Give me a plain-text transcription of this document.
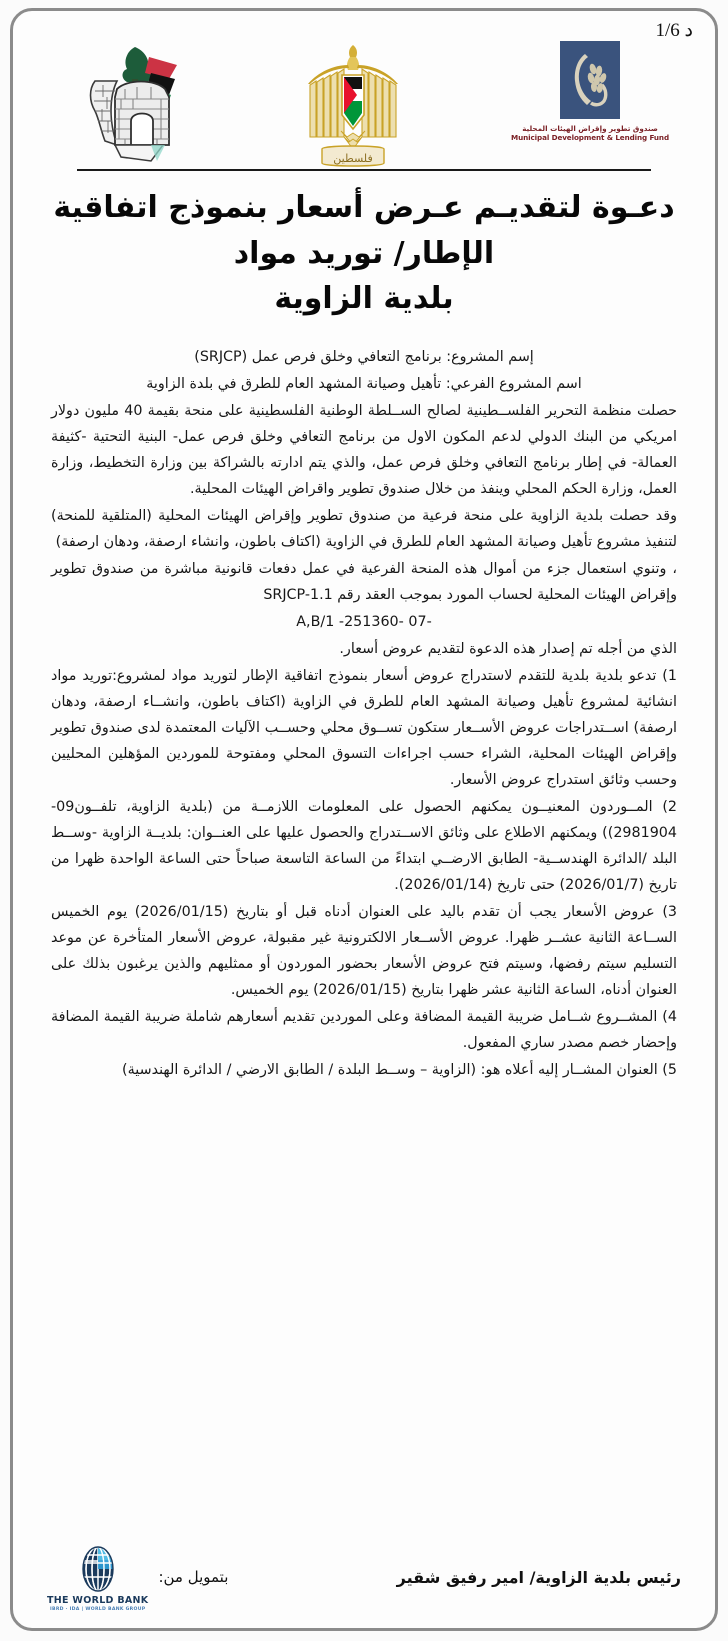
د 1/6
صندوق تطوير وإقراض الهيئات المحلية
Municipal Development & Lending Fund
فلسطين
دعـوة لتقديـم عـرض أسعار بنموذج اتفاقية
الإطار/ توريد مواد
بلدية الزاوية
إسم المشروع: برنامج التعافي وخلق فرص عمل (SRJCP)
اسم المشروع الفرعي: تأهيل وصيانة المشهد العام للطرق في بلدة الزاوية
حصلت منظمة التحرير الفلســطينية لصالح الســلطة الوطنية الفلسطينية على منحة بقيمة 40 مليون دولار امريكي من البنك الدولي لدعم المكون الاول من برنامج التعافي وخلق فرص عمل- البنية التحتية -كثيفة العمالة- في إطار برنامج التعافي وخلق فرص عمل، والذي يتم ادارته بالشراكة بين وزارة التخطيط، وزارة العمل، وزارة الحكم المحلي وينفذ من خلال صندوق تطوير واقراض الهيئات المحلية.
وقد حصلت بلدية الزاوية على منحة فرعية من صندوق تطوير وإقراض الهيئات المحلية (المتلقية للمنحة) لتنفيذ مشروع تأهيل وصيانة المشهد العام للطرق في الزاوية (اكتاف باطون، وانشاء ارصفة، ودهان ارصفة)
، وتنوي استعمال جزء من أموال هذه المنحة الفرعية في عمل دفعات قانونية مباشرة من صندوق تطوير وإقراض الهيئات المحلية لحساب المورد بموجب العقد رقم SRJCP-1.1
-07 -251360- 1/A,B
الذي من أجله تم إصدار هذه الدعوة لتقديم عروض أسعار.
1) تدعو بلدية بلدية للتقدم لاستدراج عروض أسعار بنموذج اتفاقية الإطار لتوريد مواد لمشروع:توريد مواد انشائية لمشروع تأهيل وصيانة المشهد العام للطرق في الزاوية (اكتاف باطون، وانشــاء ارصفة، ودهان ارصفة) اســتدراجات عروض الأســعار ستكون تســوق محلي وحســب الآليات المعتمدة لدى صندوق تطوير وإقراض الهيئات المحلية، الشراء حسب اجراءات التسوق المحلي ومفتوحة للموردين المؤهلين المحليين وحسب وثائق استدراج عروض الأسعار.
2) المــوردون المعنيــون يمكنهم الحصول على المعلومات اللازمــة من (بلدية الزاوية، تلفــون09-2981904)) ويمكنهم الاطلاع على وثائق الاســتدراج والحصول عليها على العنــوان: بلديــة الزاوية -وســط البلد /الدائرة الهندســية- الطابق الارضــي ابتداءً من الساعة التاسعة صباحاً حتى الساعة الواحدة ظهرا من تاريخ (2026/01/7) حتى تاريخ (2026/01/14).
3) عروض الأسعار يجب أن تقدم باليد على العنوان أدناه قبل أو بتاريخ (2026/01/15) يوم الخميس الســاعة الثانية عشــر ظهرا. عروض الأســعار الالكترونية غير مقبولة، عروض الأسعار المتأخرة عن موعد التسليم سيتم رفضها، وسيتم فتح عروض الأسعار بحضور الموردون أو ممثليهم والذين يرغبون بذلك على العنوان أدناه، الساعة الثانية عشر ظهرا بتاريخ (2026/01/15) يوم الخميس.
4) المشــروع شــامل ضريبة القيمة المضافة وعلى الموردين تقديم أسعارهم شاملة ضريبة القيمة المضافة وإحضار خصم مصدر ساري المفعول.
5) العنوان المشــار إليه أعلاه هو: (الزاوية – وســط البلدة / الطابق الارضي / الدائرة الهندسية)
رئيس بلدية الزاوية/ امير رفيق شقير
بتمويل من:
THE WORLD BANK
IBRD · IDA | WORLD BANK GROUP
